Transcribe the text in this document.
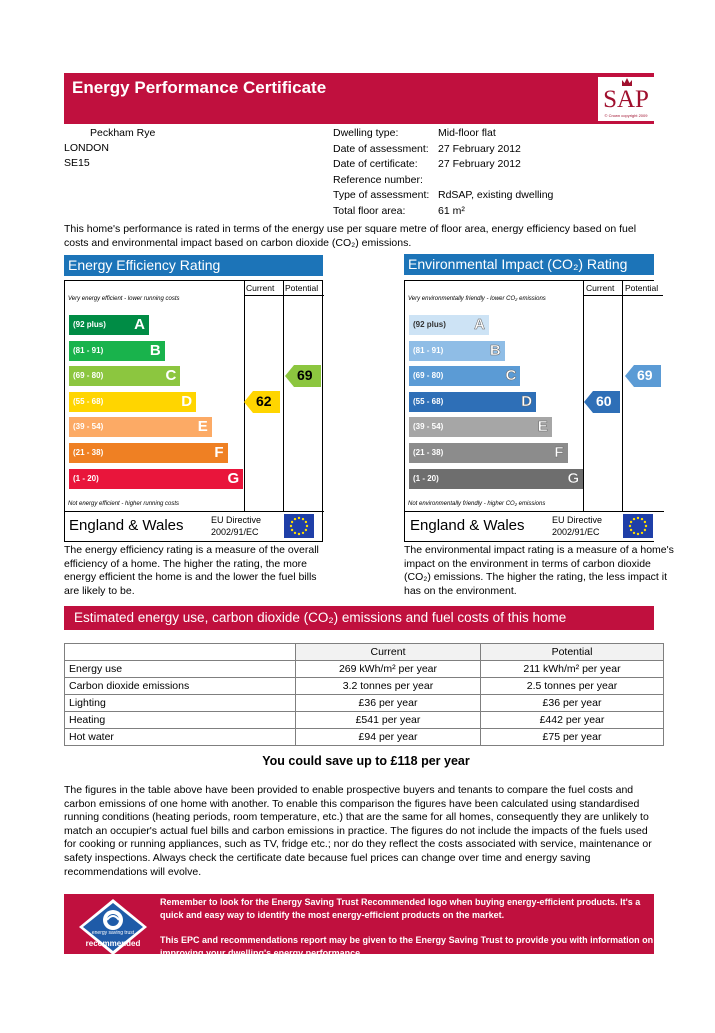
Energy Performance Certificate	SAP
© Crown copyright 2009
Peckham Rye
LONDON
SE15
Dwelling type:	Mid-floor flat
Date of assessment: 27 February 2012
Date of certificate: 27 February 2012
Reference number:
Type of assessment: RdSAP, existing dwelling
Total floor area:	61 m²
This home's performance is rated in terms of the energy use per square metre of floor area, energy efficiency based on fuel costs and environmental impact based on carbon dioxide (CO₂) emissions.
Energy Efficiency Rating
Current Potential
Very energy efficient - lower running costs
Not energy efficient - higher running costs
(92 plus) A
(81 - 91)	B
(69 - 80)	C
(55 - 68)	D
(39 - 54)	E
(21 - 38)	F
(1 - 20)	G
England & Wales	EU Directive
2002/91/EC
62
69
The energy efficiency rating is a measure of the overall efficiency of a home. The higher the rating, the more energy efficient the home is and the lower the fuel bills are likely to be.
Environmental Impact (CO₂) Rating
Current Potential
Very environmentally friendly - lower CO₂ emissions
Not environmentally friendly - higher CO₂ emissions
(92 plus) A
(81 - 91)	B
(69 - 80)	C
(55 - 68)	D
(39 - 54)	E
(21 - 38)	F
(1 - 20)	G
England & Wales	EU Directive
2002/91/EC
60
69
The environmental impact rating is a measure of a home's impact on the environment in terms of carbon dioxide (CO₂) emissions. The higher the rating, the less impact it has on the environment.
Estimated energy use, carbon dioxide (CO₂) emissions and fuel costs of this home
	Current	Potential
Energy use	269 kWh/m² per year	211 kWh/m² per year
Carbon dioxide emissions	3.2 tonnes per year	2.5 tonnes per year
Lighting	£36 per year	£36 per year
Heating	£541 per year	£442 per year
Hot water	£94 per year	£75 per year
You could save up to £118 per year
The figures in the table above have been provided to enable prospective buyers and tenants to compare the fuel costs and carbon emissions of one home with another. To enable this comparison the figures have been calculated using standardised running conditions (heating periods, room temperature, etc.) that are the same for all homes, consequently they are unlikely to match an occupier's actual fuel bills and carbon emissions in practice. The figures do not include the impacts of the fuels used for cooking or running appliances, such as TV, fridge etc.; nor do they reflect the costs associated with service, maintenance or safety inspections. Always check the certificate date because fuel prices can change over time and energy saving recommendations will evolve.
energy saving trust
recommended
Remember to look for the Energy Saving Trust Recommended logo when buying energy-efficient products. It's a quick and easy way to identify the most energy-efficient products on the market.
This EPC and recommendations report may be given to the Energy Saving Trust to provide you with information on improving your dwelling's energy performance.
